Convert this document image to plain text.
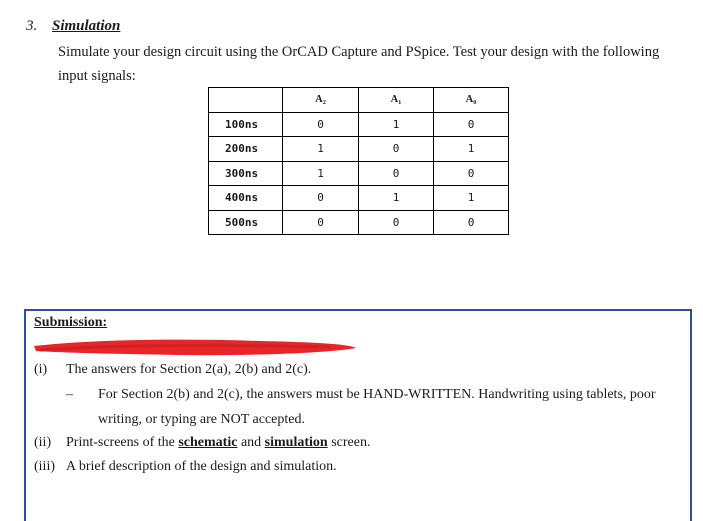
3. Simulation
Simulate your design circuit using the OrCAD Capture and PSpice. Test your design with the following
input signals:
	A₂	A₁	A₀
100ns	0	1	0
200ns	1	0	1
300ns	1	0	0
400ns	0	1	1
500ns	0	0	0
Submission:
(i) The answers for Section 2(a), 2(b) and 2(c).
– For Section 2(b) and 2(c), the answers must be HAND-WRITTEN. Handwriting using tablets, poor
writing, or typing are NOT accepted.
(ii) Print-screens of the schematic and simulation screen.
(iii) A brief description of the design and simulation.
